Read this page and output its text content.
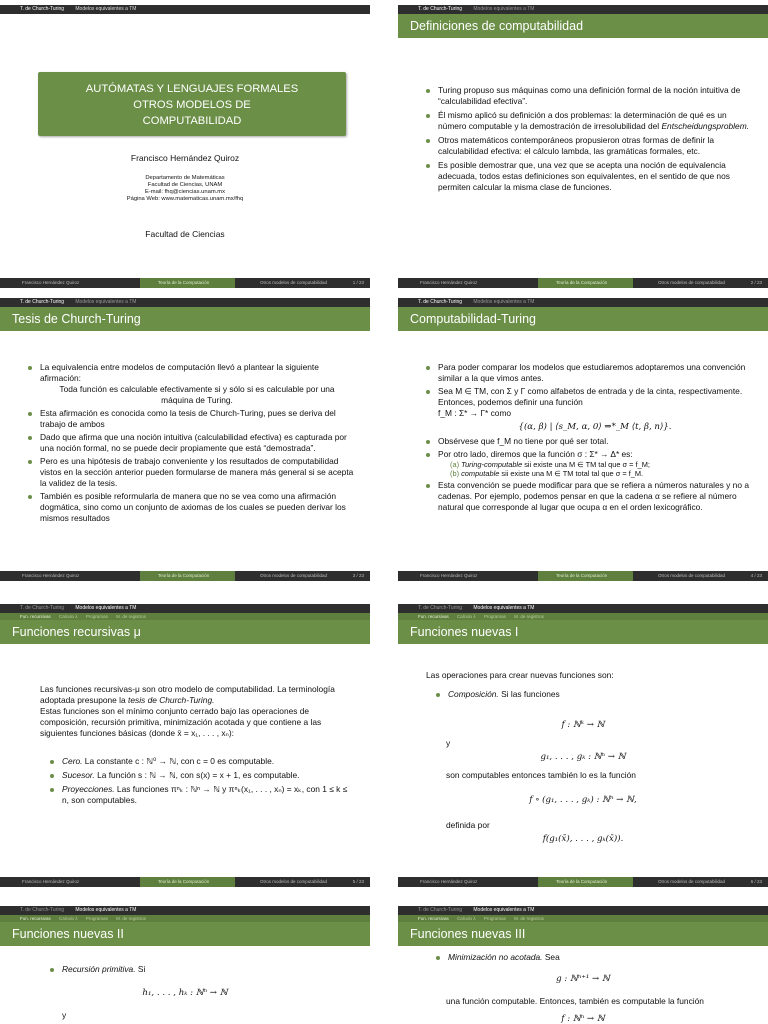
T. de Church-Turing Modelos equivalentes a TM
AUTÓMATAS Y LENGUAJES FORMALES
OTROS MODELOS DE
COMPUTABILIDAD
Francisco Hernández Quiroz
Departamento de Matemáticas
Facultad de Ciencias, UNAM
E-mail: fhq@ciencias.unam.mx
Página Web: www.matematicas.unam.mx/fhq
Facultad de Ciencias
Francisco Hernández Quiroz	Teoría de la Computación	Otros modelos de computabilidad	1 / 23
T. de Church-Turing Modelos equivalentes a TM
Definiciones de computabilidad
Turing propuso sus máquinas como una definición formal de la noción intuitiva de “calculabilidad efectiva”.
Él mismo aplicó su definición a dos problemas: la determinación de qué es un número computable y la demostración de irresolubilidad del Entscheidungsproblem.
Otros matemáticos contemporáneos propusieron otras formas de definir la calculabilidad efectiva: el cálculo lambda, las gramáticas formales, etc.
Es posible demostrar que, una vez que se acepta una noción de equivalencia adecuada, todos estas definiciones son equivalentes, en el sentido de que nos permiten calcular la misma clase de funciones.
Francisco Hernández Quiroz	Teoría de la Computación	Otros modelos de computabilidad	2 / 23
T. de Church-Turing Modelos equivalentes a TM
Tesis de Church-Turing
La equivalencia entre modelos de computación llevó a plantear la siguiente afirmación:
Toda función es calculable efectivamente si y sólo si es calculable por una máquina de Turing.
Esta afirmación es conocida como la tesis de Church-Turing, pues se deriva del trabajo de ambos
Dado que afirma que una noción intuitiva (calculabilidad efectiva) es capturada por una noción formal, no se puede decir propiamente que está “demostrada”.
Pero es una hipótesis de trabajo conveniente y los resultados de computabilidad vistos en la sección anterior pueden formularse de manera más general si se acepta la validez de la tesis.
También es posible reformularla de manera que no se vea como una afirmación dogmática, sino como un conjunto de axiomas de los cuales se pueden derivar los mismos resultados
Francisco Hernández Quiroz	Teoría de la Computación	Otros modelos de computabilidad	3 / 23
T. de Church-Turing Modelos equivalentes a TM
Computabilidad-Turing
Para poder comparar los modelos que estudiaremos adoptaremos una convención similar a la que vimos antes.
Sea M ∈ TM, con Σ y Γ como alfabetos de entrada y de la cinta, respectivamente. Entonces, podemos definir una función
f_M : Σ* → Γ* como
{(α, β) | ⟨s_M, α, 0⟩ ⇒*_M ⟨t, β, n⟩}.
Obsérvese que f_M no tiene por qué ser total.
Por otro lado, diremos que la función σ : Σ* → Δ* es:
(a) Turing-computable sii existe una M ∈ TM tal que σ = f_M;
(b) computable sii existe una M ∈ TM total tal que σ = f_M.
Esta convención se puede modificar para que se refiera a números naturales y no a cadenas. Por ejemplo, podemos pensar en que la cadena α se refiere al número natural que corresponde al lugar que ocupa α en el orden lexicográfico.
Francisco Hernández Quiroz	Teoría de la Computación	Otros modelos de computabilidad	4 / 23
T. de Church-Turing Modelos equivalentes a TM
Fun. recursivas Calculo λ Programas M. de registros
Funciones recursivas μ
Las funciones recursivas-μ son otro modelo de computabilidad. La terminología adoptada presupone la tesis de Church-Turing.
Estas funciones son el mínimo conjunto cerrado bajo las operaciones de composición, recursión primitiva, minimización acotada y que contiene a las siguientes funciones básicas (donde x̄ = x₁, . . . , xₙ):
Cero. La constante c : ℕ⁰ → ℕ, con c = 0 es computable.
Sucesor. La función s : ℕ → ℕ, con s(x) = x + 1, es computable.
Proyecciones. Las funciones πⁿₖ : ℕⁿ → ℕ y πⁿₖ(x₁, . . . , xₙ) = xₖ, con 1 ≤ k ≤ n, son computables.
Francisco Hernández Quiroz	Teoría de la Computación	Otros modelos de computabilidad	5 / 23
T. de Church-Turing Modelos equivalentes a TM
Fun. recursivas Calculo λ Programas M. de registros
Funciones nuevas I
Las operaciones para crear nuevas funciones son:
Composición. Si las funciones
f : ℕᵏ → ℕ
y
g₁, . . . , gₖ : ℕⁿ → ℕ
son computables entonces también lo es la función
f ∘ (g₁, . . . , gₖ) : ℕⁿ → ℕ,
definida por
f(g₁(x̄), . . . , gₖ(x̄)).
Francisco Hernández Quiroz	Teoría de la Computación	Otros modelos de computabilidad	6 / 23
T. de Church-Turing Modelos equivalentes a TM
Fun. recursivas Calculo λ Programas M. de registros
Funciones nuevas II
Recursión primitiva. Si
h₁, . . . , hₖ : ℕⁿ → ℕ
y
T. de Church-Turing Modelos equivalentes a TM
Fun. recursivas Calculo λ Programas M. de registros
Funciones nuevas III
Minimización no acotada. Sea
g : ℕⁿ⁺¹ → ℕ
una función computable. Entonces, también es computable la función
f : ℕⁿ → ℕ
